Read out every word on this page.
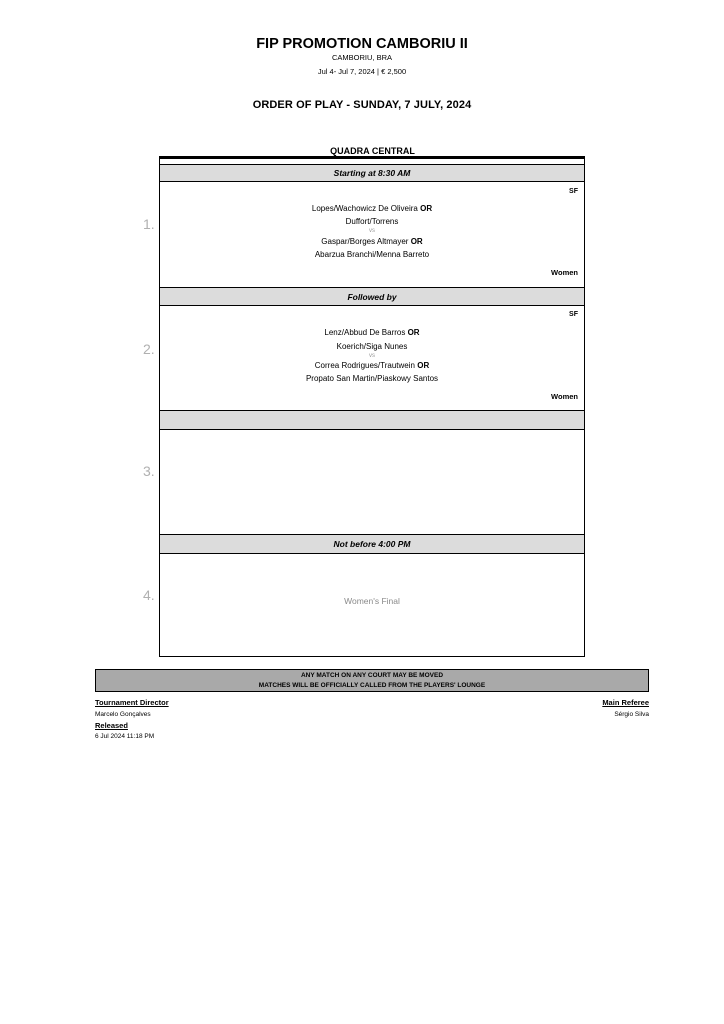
FIP PROMOTION CAMBORIU II
CAMBORIU, BRA
Jul 4- Jul 7, 2024 | € 2,500
ORDER OF PLAY - SUNDAY, 7 JULY, 2024
QUADRA CENTRAL
Starting at 8:30 AM
1.
SF
Lopes/Wachowicz De Oliveira OR
Duffort/Torrens
vs
Gaspar/Borges Altmayer OR
Abarzua Branchi/Menna Barreto
Women
Followed by
2.
SF
Lenz/Abbud De Barros OR
Koerich/Siga Nunes
vs
Correa Rodrigues/Trautwein OR
Propato San Martin/Piaskowy Santos
Women
3.
Not before 4:00 PM
4.	Women's Final
ANY MATCH ON ANY COURT MAY BE MOVED
MATCHES WILL BE OFFICIALLY CALLED FROM THE PLAYERS' LOUNGE
Tournament Director
Marcelo Gonçalves
Released
6 Jul 2024 11:18 PM
Main Referee
Sérgio Silva
